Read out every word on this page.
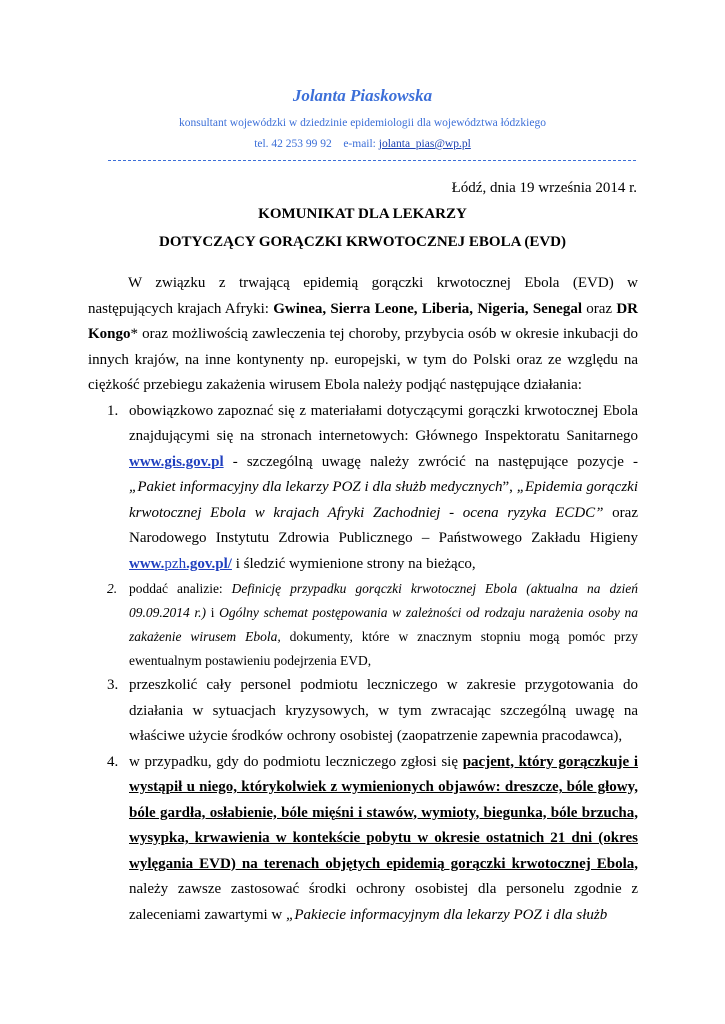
Jolanta Piaskowska
konsultant wojewódzki w dziedzinie epidemiologii dla województwa łódzkiego
tel. 42 253 99 92 e-mail: jolanta_pias@wp.pl
Łódź, dnia 19 września 2014 r.
KOMUNIKAT DLA LEKARZY
DOTYCZĄCY GORĄCZKI KRWOTOCZNEJ EBOLA (EVD)

W związku z trwającą epidemią gorączki krwotocznej Ebola (EVD) w następujących krajach Afryki: Gwinea, Sierra Leone, Liberia, Nigeria, Senegal oraz DR Kongo* oraz możliwością zawleczenia tej choroby, przybycia osób w okresie inkubacji do innych krajów, na inne kontynenty np. europejski, w tym do Polski oraz ze względu na ciężkość przebiegu zakażenia wirusem Ebola należy podjąć następujące działania:

1. obowiązkowo zapoznać się z materiałami dotyczącymi gorączki krwotocznej Ebola znajdującymi się na stronach internetowych: Głównego Inspektoratu Sanitarnego www.gis.gov.pl - szczególną uwagę należy zwrócić na następujące pozycje - „Pakiet informacyjny dla lekarzy POZ i dla służb medycznych”, „Epidemia gorączki krwotocznej Ebola w krajach Afryki Zachodniej - ocena ryzyka ECDC” oraz Narodowego Instytutu Zdrowia Publicznego – Państwowego Zakładu Higieny www.pzh.gov.pl/ i śledzić wymienione strony na bieżąco,
2. poddać analizie: Definicję przypadku gorączki krwotocznej Ebola (aktualna na dzień 09.09.2014 r.) i Ogólny schemat postępowania w zależności od rodzaju narażenia osoby na zakażenie wirusem Ebola, dokumenty, które w znacznym stopniu mogą pomóc przy ewentualnym postawieniu podejrzenia EVD,
3. przeszkolić cały personel podmiotu leczniczego w zakresie przygotowania do działania w sytuacjach kryzysowych, w tym zwracając szczególną uwagę na właściwe użycie środków ochrony osobistej (zaopatrzenie zapewnia pracodawca),
4. w przypadku, gdy do podmiotu leczniczego zgłosi się pacjent, który gorączkuje i wystąpił u niego, którykolwiek z wymienionych objawów: dreszcze, bóle głowy, bóle gardła, osłabienie, bóle mięśni i stawów, wymioty, biegunka, bóle brzucha, wysypka, krwawienia w kontekście pobytu w okresie ostatnich 21 dni (okres wylęgania EVD) na terenach objętych epidemią gorączki krwotocznej Ebola, należy zawsze zastosować środki ochrony osobistej dla personelu zgodnie z zaleceniami zawartymi w „Pakiecie informacyjnym dla lekarzy POZ i dla służb
